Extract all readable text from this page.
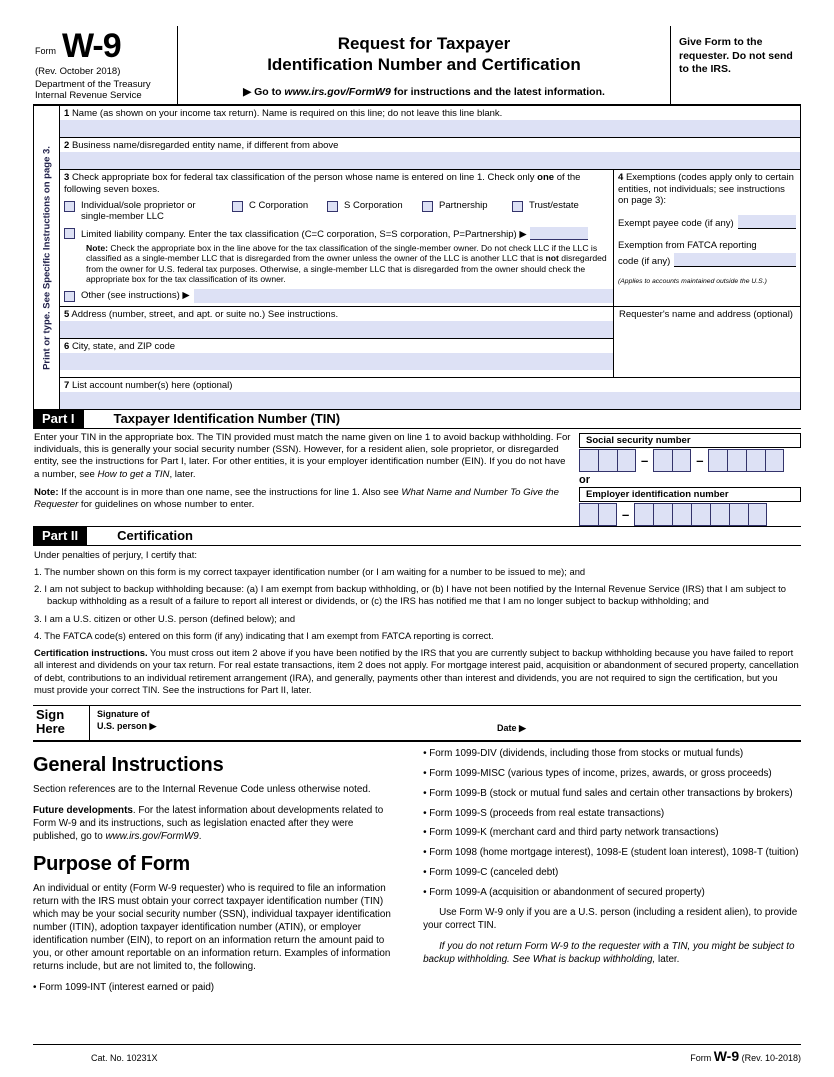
Form W-9
(Rev. October 2018)
Department of the Treasury
Internal Revenue Service
Request for Taxpayer
Identification Number and Certification
▶ Go to www.irs.gov/FormW9 for instructions and the latest information.
Give Form to the requester. Do not send to the IRS.
Print or type. See Specific Instructions on page 3.
1 Name (as shown on your income tax return). Name is required on this line; do not leave this line blank.
2 Business name/disregarded entity name, if different from above
3 Check appropriate box for federal tax classification of the person whose name is entered on line 1. Check only one of the following seven boxes.
Individual/sole proprietor or
single-member LLC
C Corporation	S Corporation	Partnership	Trust/estate
Limited liability company. Enter the tax classification (C=C corporation, S=S corporation, P=Partnership) ▶
Note: Check the appropriate box in the line above for the tax classification of the single-member owner. Do not check LLC if the LLC is classified as a single-member LLC that is disregarded from the owner unless the owner of the LLC is another LLC that is not disregarded from the owner for U.S. federal tax purposes. Otherwise, a single-member LLC that is disregarded from the owner should check the appropriate box for the tax classification of its owner.
Other (see instructions) ▶
4 Exemptions (codes apply only to certain entities, not individuals; see instructions on page 3):
Exempt payee code (if any)
Exemption from FATCA reporting
code (if any)
(Applies to accounts maintained outside the U.S.)
5 Address (number, street, and apt. or suite no.) See instructions.
6 City, state, and ZIP code
Requester's name and address (optional)
7 List account number(s) here (optional)
Part I	Taxpayer Identification Number (TIN)

Enter your TIN in the appropriate box. The TIN provided must match the name given on line 1 to avoid backup withholding. For individuals, this is generally your social security number (SSN). However, for a resident alien, sole proprietor, or disregarded entity, see the instructions for Part I, later. For other entities, it is your employer identification number (EIN). If you do not have a number, see How to get a TIN, later.

Note: If the account is in more than one name, see the instructions for line 1. Also see What Name and Number To Give the Requester for guidelines on whose number to enter.

Social security number
–	–
or
Employer identification number
–
Part II	Certification

Under penalties of perjury, I certify that:

1. The number shown on this form is my correct taxpayer identification number (or I am waiting for a number to be issued to me); and

2. I am not subject to backup withholding because: (a) I am exempt from backup withholding, or (b) I have not been notified by the Internal Revenue Service (IRS) that I am subject to backup withholding as a result of a failure to report all interest or dividends, or (c) the IRS has notified me that I am no longer subject to backup withholding; and

3. I am a U.S. citizen or other U.S. person (defined below); and

4. The FATCA code(s) entered on this form (if any) indicating that I am exempt from FATCA reporting is correct.

Certification instructions. You must cross out item 2 above if you have been notified by the IRS that you are currently subject to backup withholding because you have failed to report all interest and dividends on your tax return. For real estate transactions, item 2 does not apply. For mortgage interest paid, acquisition or abandonment of secured property, cancellation of debt, contributions to an individual retirement arrangement (IRA), and generally, payments other than interest and dividends, you are not required to sign the certification, but you must provide your correct TIN. See the instructions for Part II, later.

Sign
Here
Signature of
U.S. person ▶	Date ▶
General Instructions

Section references are to the Internal Revenue Code unless otherwise noted.

Future developments. For the latest information about developments related to Form W-9 and its instructions, such as legislation enacted after they were published, go to www.irs.gov/FormW9.

Purpose of Form

An individual or entity (Form W-9 requester) who is required to file an information return with the IRS must obtain your correct taxpayer identification number (TIN) which may be your social security number (SSN), individual taxpayer identification number (ITIN), adoption taxpayer identification number (ATIN), or employer identification number (EIN), to report on an information return the amount paid to you, or other amount reportable on an information return. Examples of information returns include, but are not limited to, the following.

• Form 1099-INT (interest earned or paid)

• Form 1099-DIV (dividends, including those from stocks or mutual funds)

• Form 1099-MISC (various types of income, prizes, awards, or gross proceeds)

• Form 1099-B (stock or mutual fund sales and certain other transactions by brokers)

• Form 1099-S (proceeds from real estate transactions)

• Form 1099-K (merchant card and third party network transactions)

• Form 1098 (home mortgage interest), 1098-E (student loan interest), 1098-T (tuition)

• Form 1099-C (canceled debt)

• Form 1099-A (acquisition or abandonment of secured property)

Use Form W-9 only if you are a U.S. person (including a resident alien), to provide your correct TIN.

If you do not return Form W-9 to the requester with a TIN, you might be subject to backup withholding. See What is backup withholding, later.

Cat. No. 10231X	Form W-9 (Rev. 10-2018)
